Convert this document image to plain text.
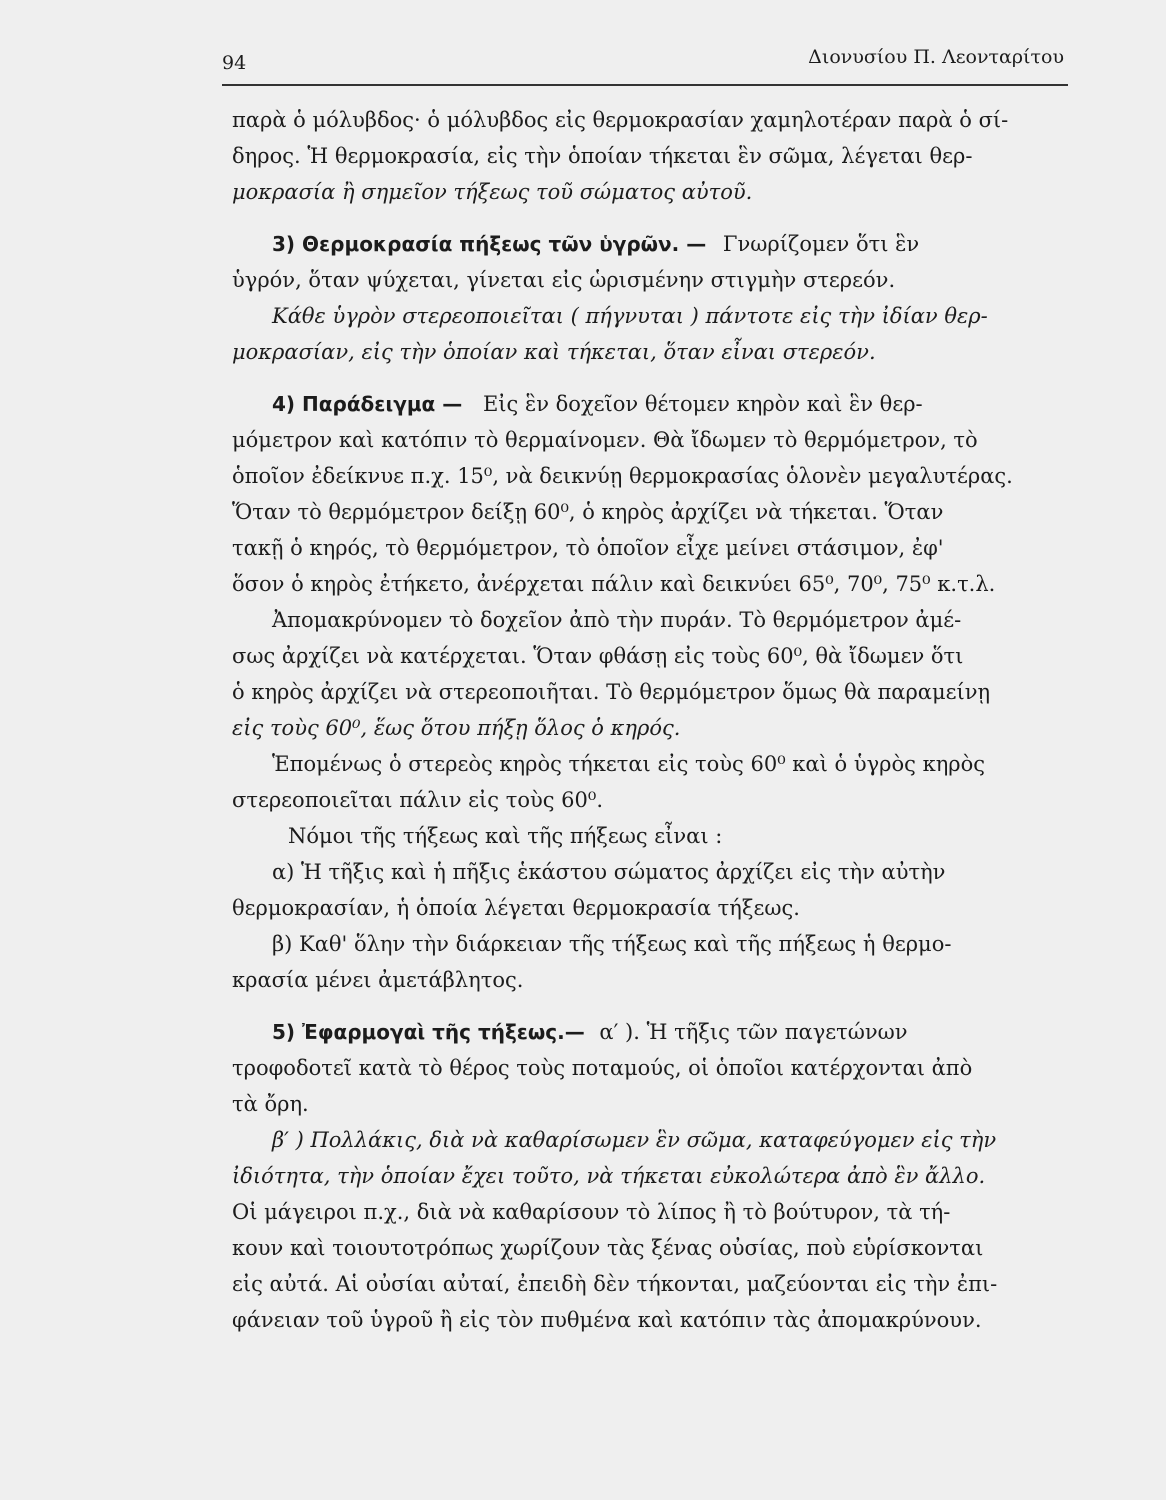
94	Διονυσίου Π. Λεονταρίτου
παρὰ ὁ μόλυβδος· ὁ μόλυβδος εἰς θερμοκρασίαν χαμηλοτέραν παρὰ ὁ σί-
δηρος. Ἡ θερμοκρασία, εἰς τὴν ὁποίαν τήκεται ἓν σῶμα, λέγεται θερ-
μοκρασία ἢ σημεῖον τήξεως τοῦ σώματος αὐτοῦ.
3) Θερμοκρασία πήξεως τῶν ὑγρῶν. — Γνωρίζομεν ὅτι ἓν
ὑγρόν, ὅταν ψύχεται, γίνεται εἰς ὡρισμένην στιγμὴν στερεόν.
Κάθε ὑγρὸν στερεοποιεῖται ( πήγνυται ) πάντοτε εἰς τὴν ἰδίαν θερ-
μοκρασίαν, εἰς τὴν ὁποίαν καὶ τήκεται, ὅταν εἶναι στερεόν.
4) Παράδειγμα — Εἰς ἓν δοχεῖον θέτομεν κηρὸν καὶ ἓν θερ-
μόμετρον καὶ κατόπιν τὸ θερμαίνομεν. Θὰ ἴδωμεν τὸ θερμόμετρον, τὸ
ὁποῖον ἐδείκνυε π.χ. 15⁰, νὰ δεικνύῃ θερμοκρασίας ὁλονὲν μεγαλυτέρας.
Ὅταν τὸ θερμόμετρον δείξῃ 60⁰, ὁ κηρὸς ἀρχίζει νὰ τήκεται. Ὅταν
τακῇ ὁ κηρός, τὸ θερμόμετρον, τὸ ὁποῖον εἶχε μείνει στάσιμον, ἐφ'
ὅσον ὁ κηρὸς ἐτήκετο, ἀνέρχεται πάλιν καὶ δεικνύει 65⁰, 70⁰, 75⁰ κ.τ.λ.
Ἀπομακρύνομεν τὸ δοχεῖον ἀπὸ τὴν πυράν. Τὸ θερμόμετρον ἀμέ-
σως ἀρχίζει νὰ κατέρχεται. Ὅταν φθάσῃ εἰς τοὺς 60⁰, θὰ ἴδωμεν ὅτι
ὁ κηρὸς ἀρχίζει νὰ στερεοποιῆται. Τὸ θερμόμετρον ὅμως θὰ παραμείνῃ
εἰς τοὺς 60⁰, ἕως ὅτου πήξῃ ὅλος ὁ κηρός.
Ἑπομένως ὁ στερεὸς κηρὸς τήκεται εἰς τοὺς 60⁰ καὶ ὁ ὑγρὸς κηρὸς
στερεοποιεῖται πάλιν εἰς τοὺς 60⁰.
Νόμοι τῆς τήξεως καὶ τῆς πήξεως εἶναι :
α) Ἡ τῆξις καὶ ἡ πῆξις ἑκάστου σώματος ἀρχίζει εἰς τὴν αὐτὴν
θερμοκρασίαν, ἡ ὁποία λέγεται θερμοκρασία τήξεως.
β) Καθ' ὅλην τὴν διάρκειαν τῆς τήξεως καὶ τῆς πήξεως ἡ θερμο-
κρασία μένει ἀμετάβλητος.
5) Ἐφαρμογαὶ τῆς τήξεως.— α′ ). Ἡ τῆξις τῶν παγετώνων
τροφοδοτεῖ κατὰ τὸ θέρος τοὺς ποταμούς, οἱ ὁποῖοι κατέρχονται ἀπὸ
τὰ ὄρη.
β′ ) Πολλάκις, διὰ νὰ καθαρίσωμεν ἓν σῶμα, καταφεύγομεν εἰς τὴν
ἰδιότητα, τὴν ὁποίαν ἔχει τοῦτο, νὰ τήκεται εὐκολώτερα ἀπὸ ἓν ἄλλο.
Οἱ μάγειροι π.χ., διὰ νὰ καθαρίσουν τὸ λίπος ἢ τὸ βούτυρον, τὰ τή-
κουν καὶ τοιουτοτρόπως χωρίζουν τὰς ξένας οὐσίας, ποὺ εὑρίσκονται
εἰς αὐτά. Αἱ οὐσίαι αὐταί, ἐπειδὴ δὲν τήκονται, μαζεύονται εἰς τὴν ἐπι-
φάνειαν τοῦ ὑγροῦ ἢ εἰς τὸν πυθμένα καὶ κατόπιν τὰς ἀπομακρύνουν.
